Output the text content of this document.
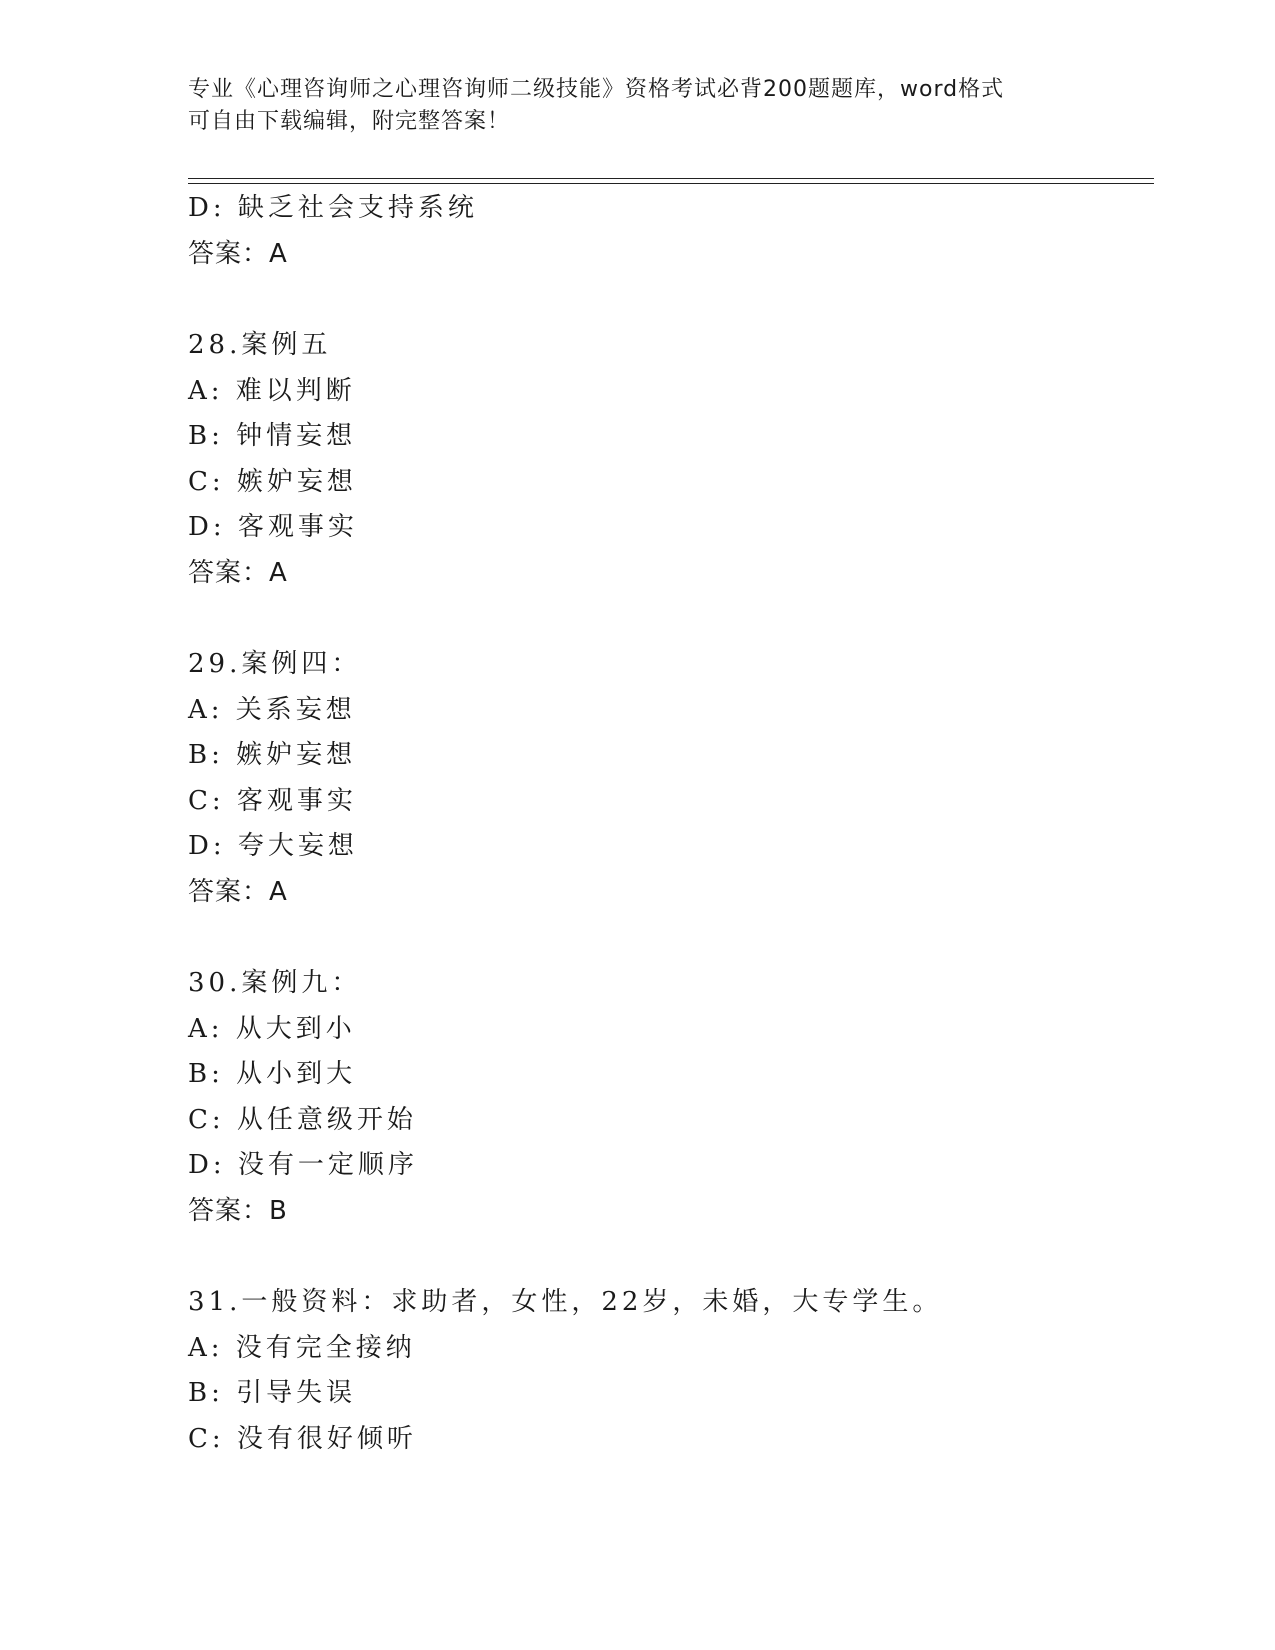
专业《心理咨询师之心理咨询师二级技能》资格考试必背200题题库，word格式
可自由下载编辑，附完整答案！
D: 缺乏社会支持系统
答案：A
28.案例五
A: 难以判断
B: 钟情妄想
C: 嫉妒妄想
D: 客观事实
答案：A
29.案例四：
A: 关系妄想
B: 嫉妒妄想
C: 客观事实
D: 夸大妄想
答案：A
30.案例九：
A: 从大到小
B: 从小到大
C: 从任意级开始
D: 没有一定顺序
答案：B
31.一般资料：求助者，女性，22岁，未婚，大专学生。
A: 没有完全接纳
B: 引导失误
C: 没有很好倾听
